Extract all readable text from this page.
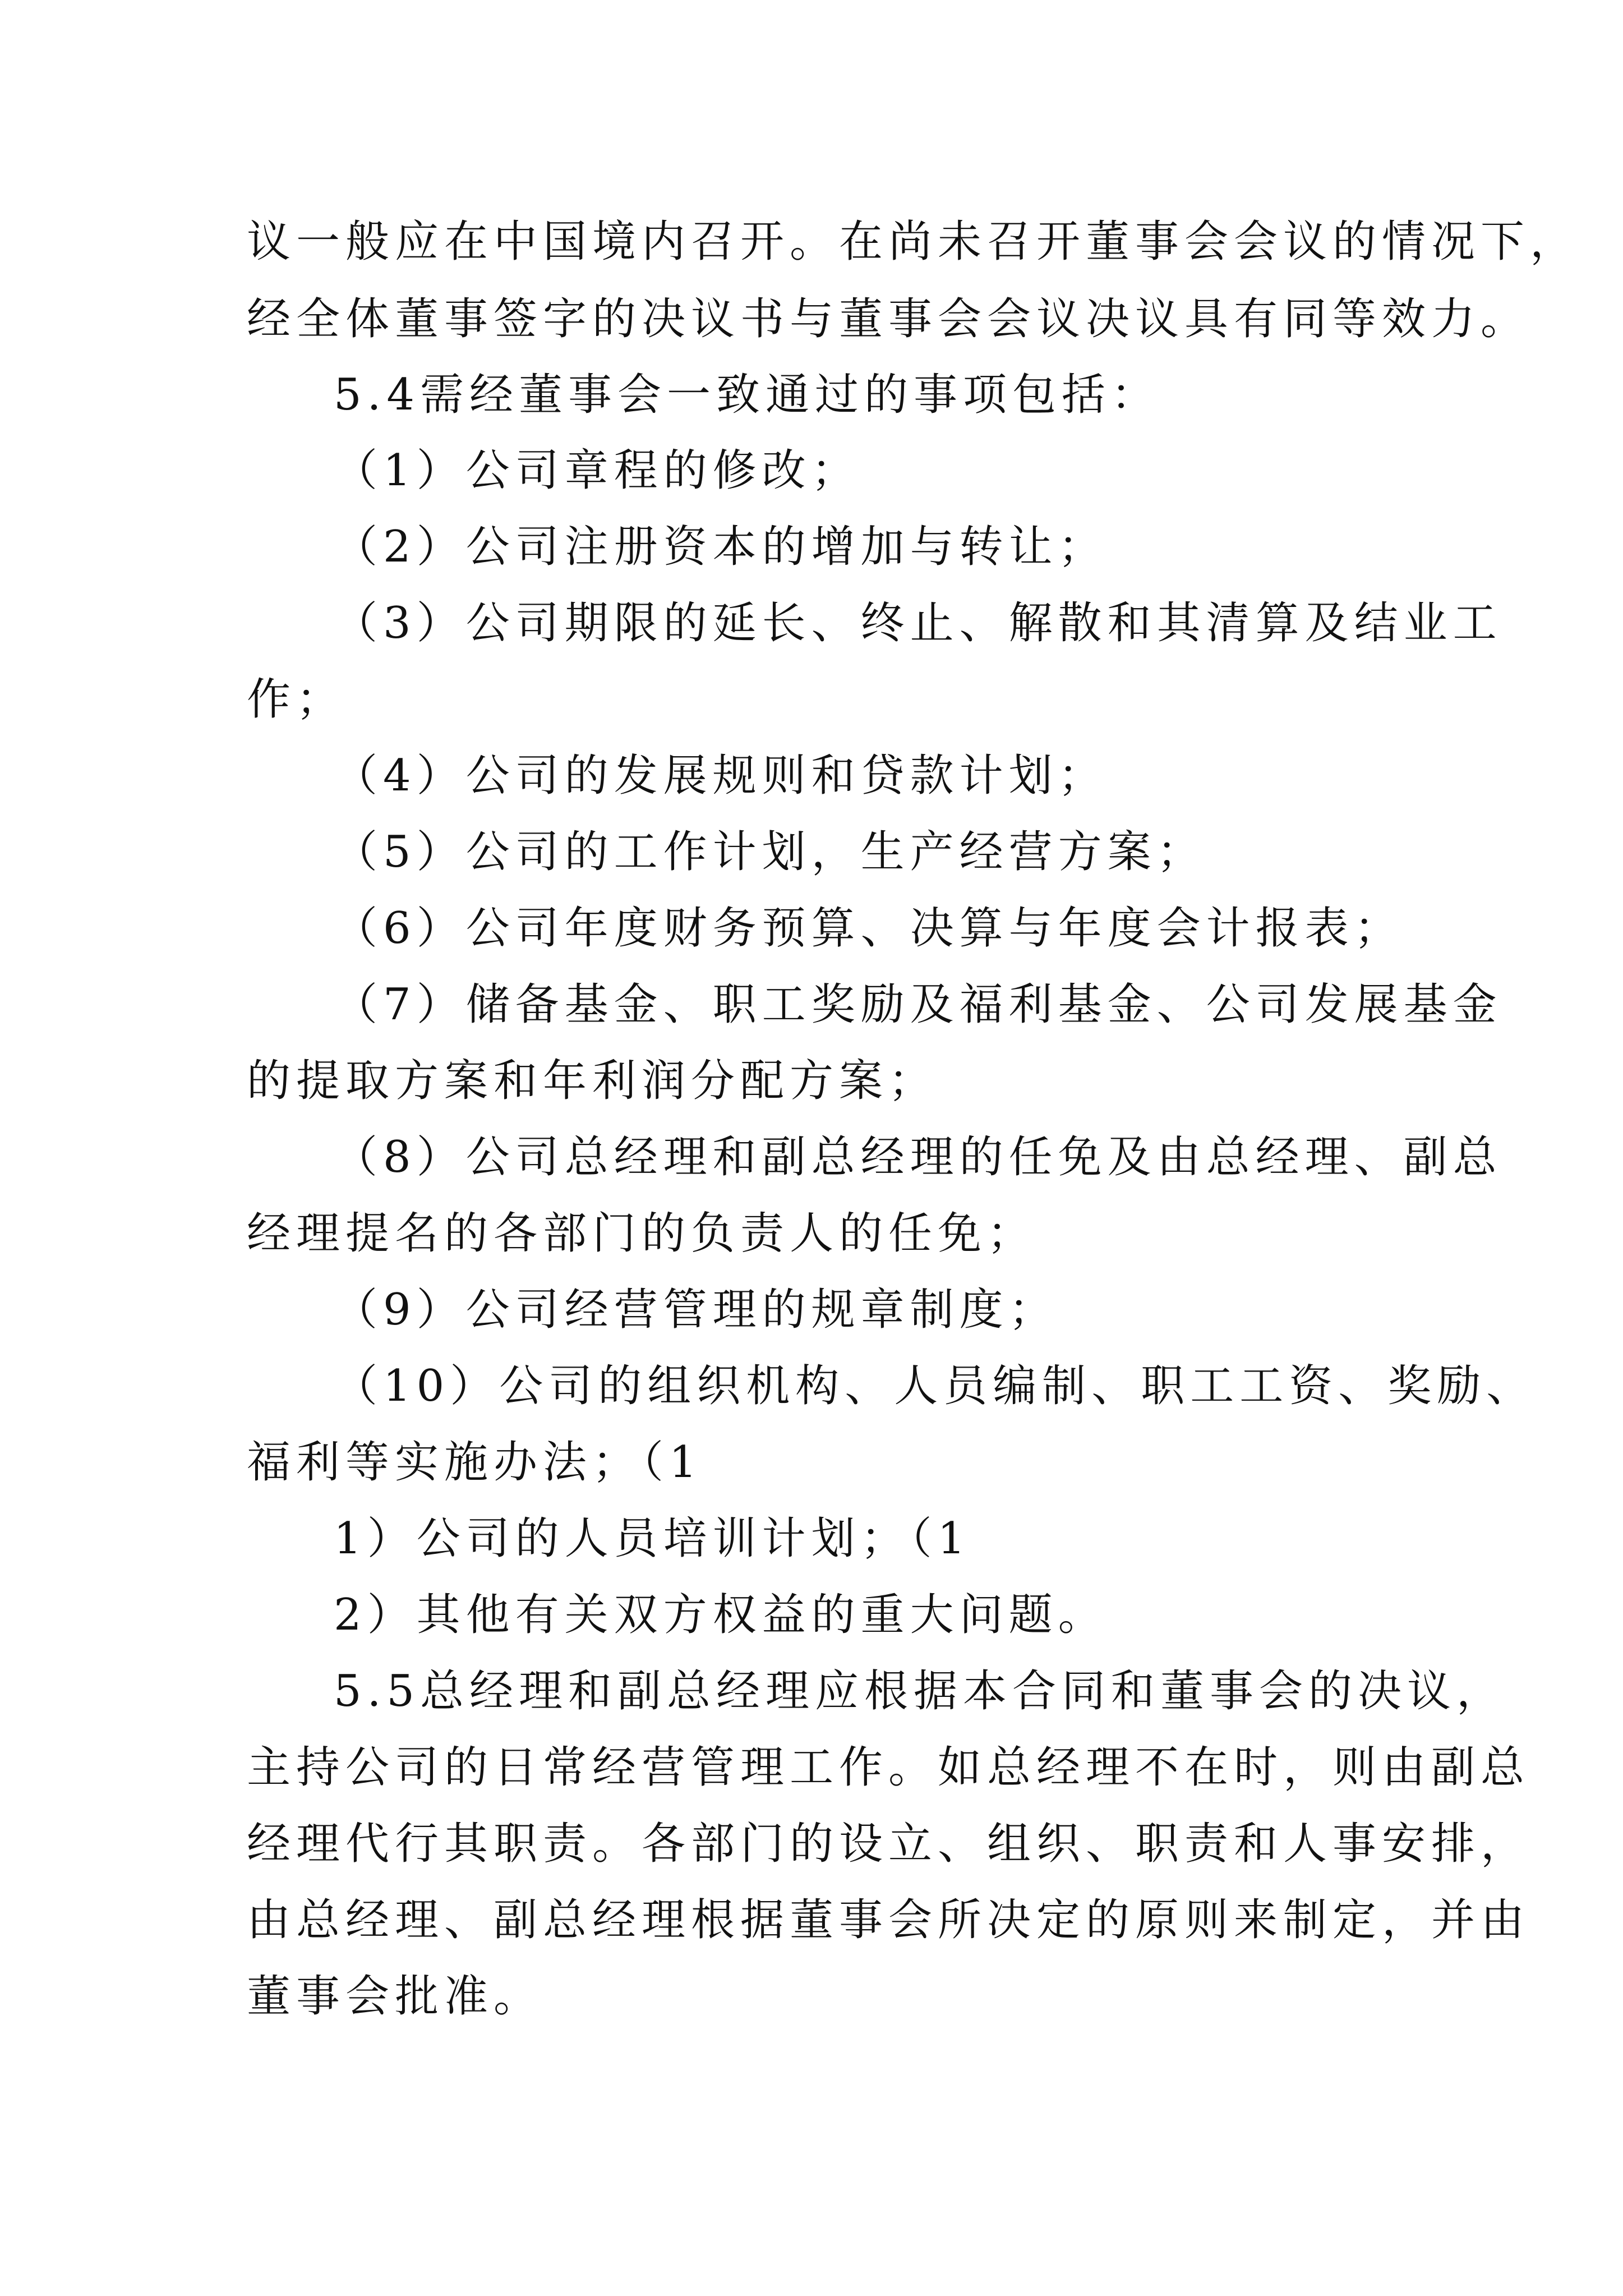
议一般应在中国境内召开。在尚未召开董事会会议的情况下，
经全体董事签字的决议书与董事会会议决议具有同等效力。
5.4需经董事会一致通过的事项包括：
（1）公司章程的修改；
（2）公司注册资本的增加与转让；
（3）公司期限的延长、终止、解散和其清算及结业工
作；
（4）公司的发展规则和贷款计划；
（5）公司的工作计划，生产经营方案；
（6）公司年度财务预算、决算与年度会计报表；
（7）储备基金、职工奖励及福利基金、公司发展基金
的提取方案和年利润分配方案；
（8）公司总经理和副总经理的任免及由总经理、副总
经理提名的各部门的负责人的任免；
（9）公司经营管理的规章制度；
（10）公司的组织机构、人员编制、职工工资、奖励、
福利等实施办法；（1
1）公司的人员培训计划；（1
2）其他有关双方权益的重大问题。
5.5总经理和副总经理应根据本合同和董事会的决议，
主持公司的日常经营管理工作。如总经理不在时，则由副总
经理代行其职责。各部门的设立、组织、职责和人事安排，
由总经理、副总经理根据董事会所决定的原则来制定，并由
董事会批准。
